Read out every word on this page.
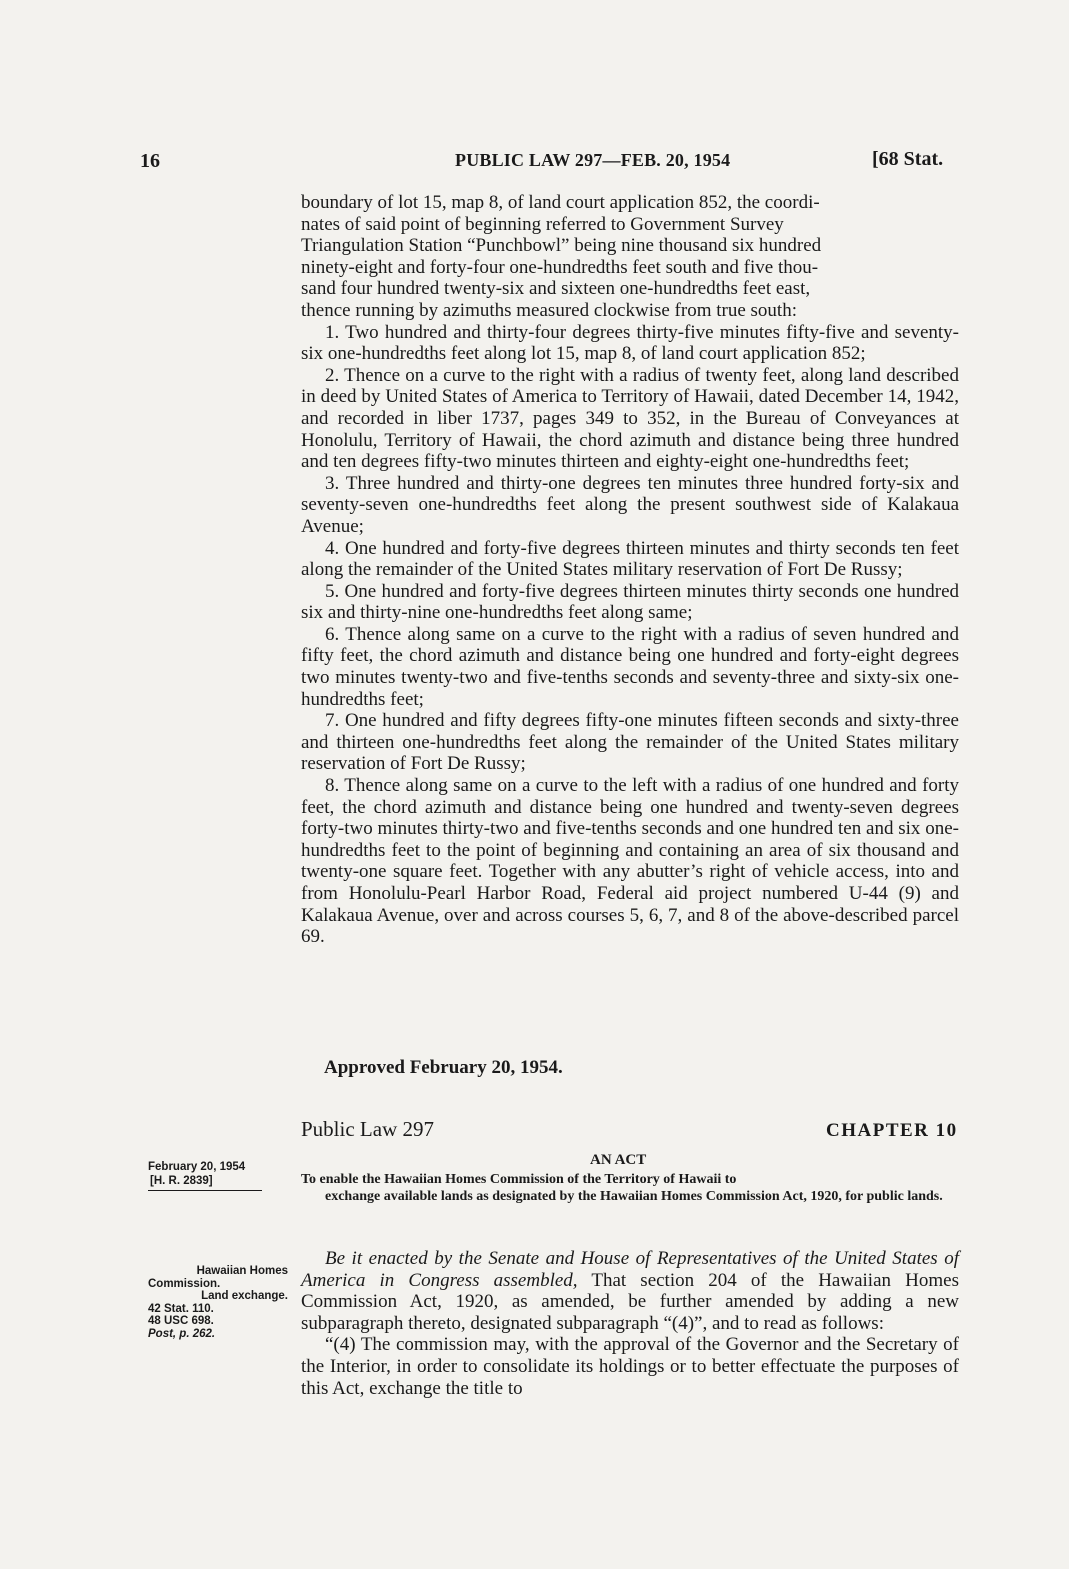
16	PUBLIC LAW 297—FEB. 20, 1954	[68 Stat.

boundary of lot 15, map 8, of land court application 852, the coordi-

nates of said point of beginning referred to Government Survey

Triangulation Station “Punchbowl” being nine thousand six hundred

ninety-eight and forty-four one-hundredths feet south and five thou-

sand four hundred twenty-six and sixteen one-hundredths feet east,

thence running by azimuths measured clockwise from true south:

1. Two hundred and thirty-four degrees thirty-five minutes fifty-five and seventy-six one-hundredths feet along lot 15, map 8, of land court application 852;

2. Thence on a curve to the right with a radius of twenty feet, along land described in deed by United States of America to Territory of Hawaii, dated December 14, 1942, and recorded in liber 1737, pages 349 to 352, in the Bureau of Conveyances at Honolulu, Territory of Hawaii, the chord azimuth and distance being three hundred and ten degrees fifty-two minutes thirteen and eighty-eight one-hundredths feet;

3. Three hundred and thirty-one degrees ten minutes three hundred forty-six and seventy-seven one-hundredths feet along the present southwest side of Kalakaua Avenue;

4. One hundred and forty-five degrees thirteen minutes and thirty seconds ten feet along the remainder of the United States military reservation of Fort De Russy;

5. One hundred and forty-five degrees thirteen minutes thirty seconds one hundred six and thirty-nine one-hundredths feet along same;

6. Thence along same on a curve to the right with a radius of seven hundred and fifty feet, the chord azimuth and distance being one hundred and forty-eight degrees two minutes twenty-two and five-tenths seconds and seventy-three and sixty-six one-hundredths feet;

7. One hundred and fifty degrees fifty-one minutes fifteen seconds and sixty-three and thirteen one-hundredths feet along the remainder of the United States military reservation of Fort De Russy;

8. Thence along same on a curve to the left with a radius of one hundred and forty feet, the chord azimuth and distance being one hundred and twenty-seven degrees forty-two minutes thirty-two and five-tenths seconds and one hundred ten and six one-hundredths feet to the point of beginning and containing an area of six thousand and twenty-one square feet. Together with any abutter’s right of vehicle access, into and from Honolulu-Pearl Harbor Road, Federal aid project numbered U-44 (9) and Kalakaua Avenue, over and across courses 5, 6, 7, and 8 of the above-described parcel 69.

Approved February 20, 1954.
Public Law 297	CHAPTER 10
AN ACT
To enable the Hawaiian Homes Commission of the Territory of Hawaii to
exchange available lands as designated by the Hawaiian Homes Commission Act, 1920, for public lands.
February 20, 1954
[H. R. 2839]
Hawaiian Homes
Commission.
Land exchange.
42 Stat. 110.
48 USC 698.
Post, p. 262.

Be it enacted by the Senate and House of Representatives of the United States of America in Congress assembled, That section 204 of the Hawaiian Homes Commission Act, 1920, as amended, be further amended by adding a new subparagraph thereto, designated subparagraph “(4)”, and to read as follows:

“(4) The commission may, with the approval of the Governor and the Secretary of the Interior, in order to consolidate its holdings or to better effectuate the purposes of this Act, exchange the title to
